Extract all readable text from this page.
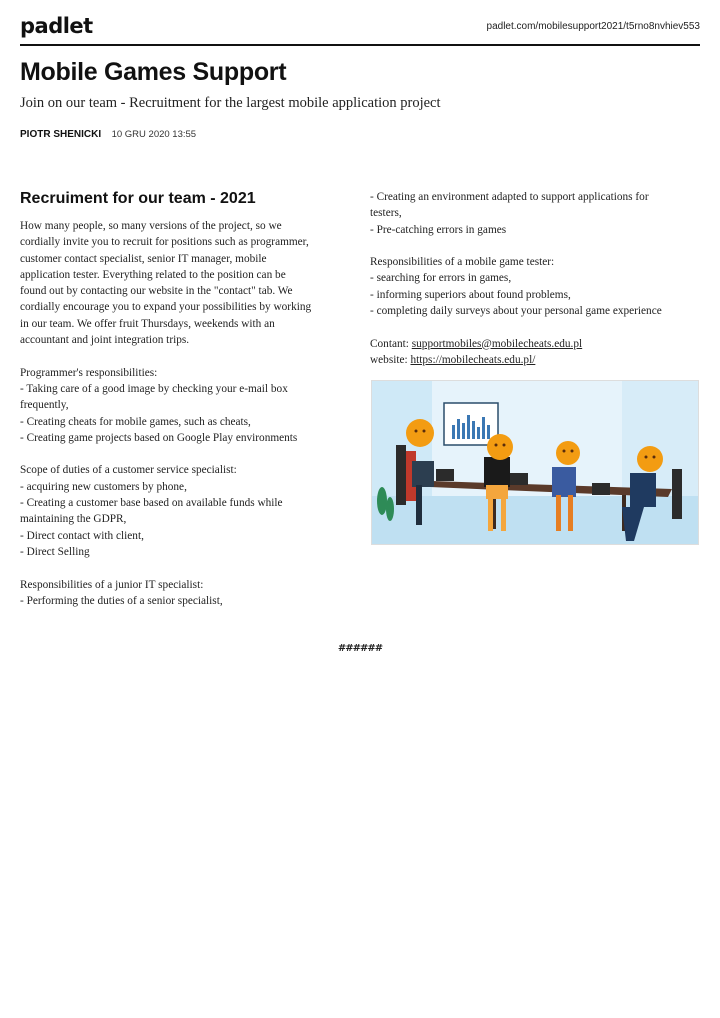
padlet	padlet.com/mobilesupport2021/t5rno8nvhiev553
Mobile Games Support
Join on our team - Recruitment for the largest mobile application project
PIOTR SHENICKI 10 GRU 2020 13:55
Recruiment for our team - 2021

How many people, so many versions of the project, so we

cordially invite you to recruit for positions such as programmer,

customer contact specialist, senior IT manager, mobile

application tester. Everything related to the position can be

found out by contacting our website in the "contact" tab. We

cordially encourage you to expand your possibilities by working

in our team. We offer fruit Thursdays, weekends with an

accountant and joint integration trips.

Programmer's responsibilities:

- Taking care of a good image by checking your e-mail box

frequently,

- Creating cheats for mobile games, such as cheats,

- Creating game projects based on Google Play environments

Scope of duties of a customer service specialist:

- acquiring new customers by phone,

- Creating a customer base based on available funds while

maintaining the GDPR,

- Direct contact with client,

- Direct Selling

Responsibilities of a junior IT specialist:

- Performing the duties of a senior specialist,

- Creating an environment adapted to support applications for

testers,

- Pre-catching errors in games

Responsibilities of a mobile game tester:

- searching for errors in games,

- informing superiors about found problems,

- completing daily surveys about your personal game experience

Contant: supportmobiles@mobilecheats.edu.pl

website: https://mobilecheats.edu.pl/

######
